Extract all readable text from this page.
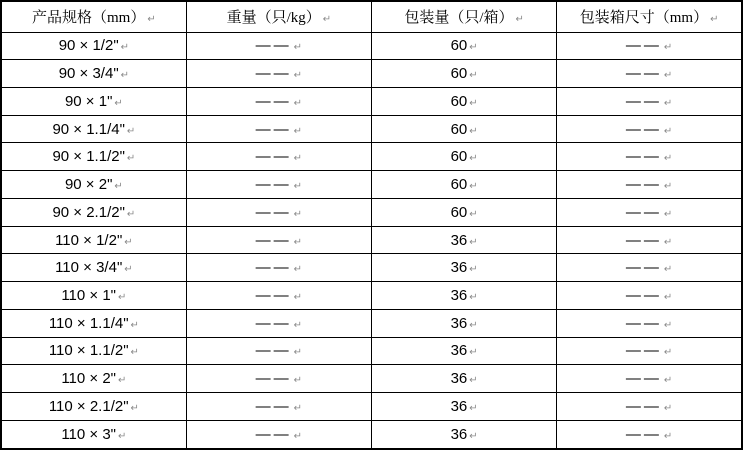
产品规格（mm） ↵	重量（只/kg） ↵	包装量（只/箱） ↵	包装箱尺寸（mm） ↵
90 × 1/2" ↵	—— ↵	60 ↵	—— ↵
90 × 3/4" ↵	—— ↵	60 ↵	—— ↵
90 × 1" ↵	—— ↵	60 ↵	—— ↵
90 × 1.1/4" ↵	—— ↵	60 ↵	—— ↵
90 × 1.1/2" ↵	—— ↵	60 ↵	—— ↵
90 × 2" ↵	—— ↵	60 ↵	—— ↵
90 × 2.1/2" ↵	—— ↵	60 ↵	—— ↵
110 × 1/2" ↵	—— ↵	36 ↵	—— ↵
110 × 3/4" ↵	—— ↵	36 ↵	—— ↵
110 × 1" ↵	—— ↵	36 ↵	—— ↵
110 × 1.1/4" ↵	—— ↵	36 ↵	—— ↵
110 × 1.1/2" ↵	—— ↵	36 ↵	—— ↵
110 × 2" ↵	—— ↵	36 ↵	—— ↵
110 × 2.1/2" ↵	—— ↵	36 ↵	—— ↵
110 × 3" ↵	—— ↵	36 ↵	—— ↵
